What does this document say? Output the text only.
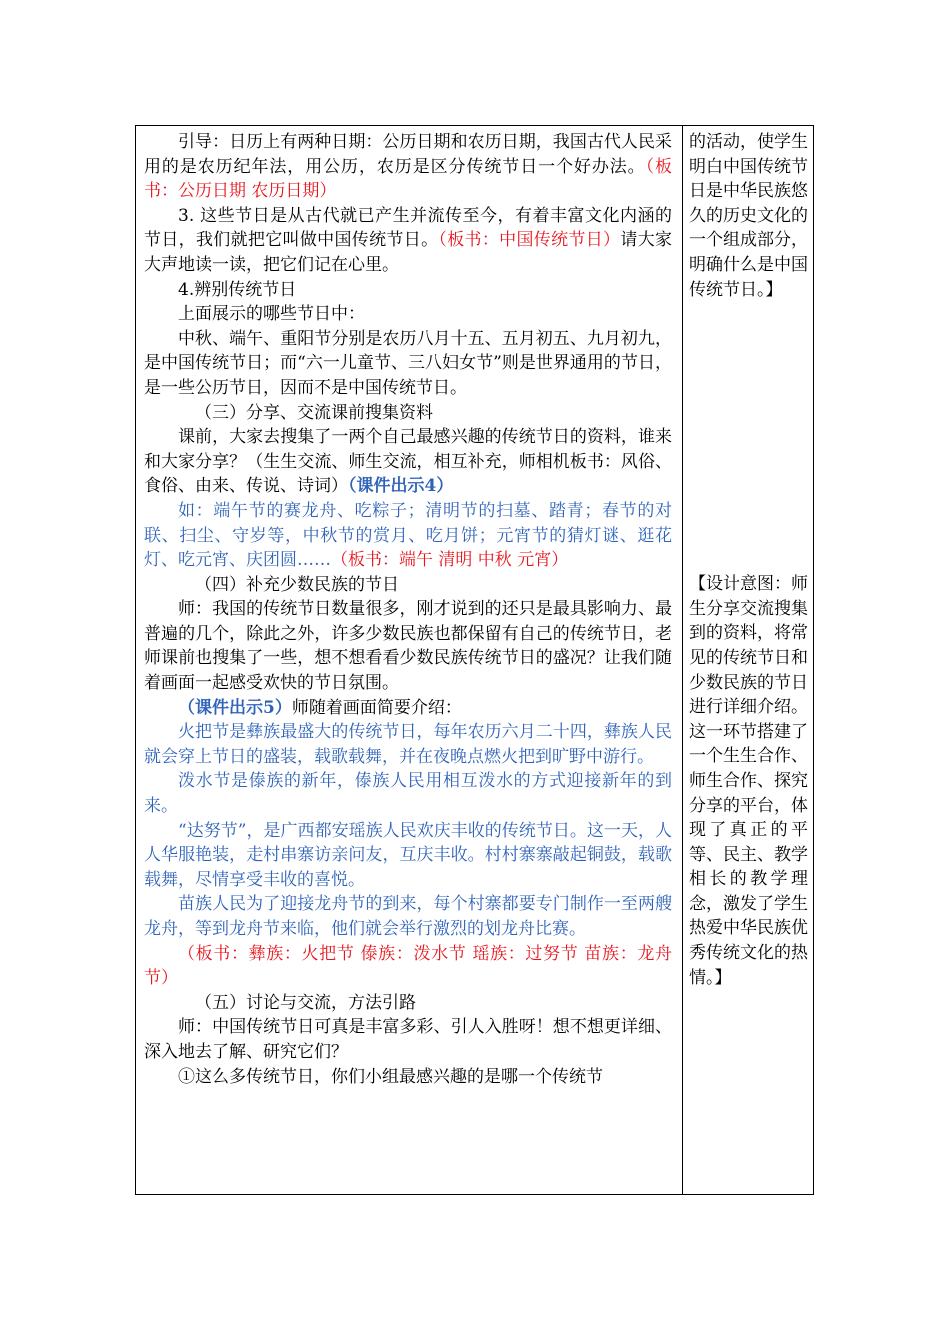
引导：日历上有两种日期：公历日期和农历日期，我国古代人民采用的是农历纪年法，用公历，农历是区分传统节日一个好办法。（板书：公历日期 农历日期）

3. 这些节日是从古代就已产生并流传至今，有着丰富文化内涵的节日，我们就把它叫做中国传统节日。（板书：中国传统节日）请大家大声地读一读，把它们记在心里。

4.辨别传统节日

上面展示的哪些节日中：

中秋、端午、重阳节分别是农历八月十五、五月初五、九月初九，是中国传统节日；而“六一儿童节、三八妇女节”则是世界通用的节日，是一些公历节日，因而不是中国传统节日。

（三）分享、交流课前搜集资料

课前，大家去搜集了一两个自己最感兴趣的传统节日的资料，谁来和大家分享？（生生交流、师生交流，相互补充，师相机板书：风俗、食俗、由来、传说、诗词）（课件出示4）

如：端午节的赛龙舟、吃粽子；清明节的扫墓、踏青；春节的对联、扫尘、守岁等，中秋节的赏月、吃月饼；元宵节的猜灯谜、逛花灯、吃元宵、庆团圆……（板书：端午 清明 中秋 元宵）

（四）补充少数民族的节日

师：我国的传统节日数量很多，刚才说到的还只是最具影响力、最普遍的几个，除此之外，许多少数民族也都保留有自己的传统节日，老师课前也搜集了一些，想不想看看少数民族传统节日的盛况？让我们随着画面一起感受欢快的节日氛围。

（课件出示5）师随着画面简要介绍：

火把节是彝族最盛大的传统节日，每年农历六月二十四，彝族人民就会穿上节日的盛装，载歌载舞，并在夜晚点燃火把到旷野中游行。

泼水节是傣族的新年，傣族人民用相互泼水的方式迎接新年的到来。

“达努节”，是广西都安瑶族人民欢庆丰收的传统节日。这一天，人人华服艳装，走村串寨访亲问友，互庆丰收。村村寨寨敲起铜鼓，载歌载舞，尽情享受丰收的喜悦。

苗族人民为了迎接龙舟节的到来，每个村寨都要专门制作一至两艘龙舟，等到龙舟节来临，他们就会举行激烈的划龙舟比赛。

（板书：彝族：火把节 傣族：泼水节 瑶族：过努节 苗族：龙舟节）

（五）讨论与交流，方法引路

师：中国传统节日可真是丰富多彩、引人入胜呀！想不想更详细、深入地去了解、研究它们？

①这么多传统节日，你们小组最感兴趣的是哪一个传统节

的活动，使学生明白中国传统节日是中华民族悠久的历史文化的一个组成部分，明确什么是中国传统节日。】

【设计意图：师生分享交流搜集到的资料，将常见的传统节日和少数民族的节日进行详细介绍。这一环节搭建了一个生生合作、师生合作、探究分享的平台，体现了真正的平等、民主、教学相长的教学理念，激发了学生热爱中华民族优秀传统文化的热情。】
